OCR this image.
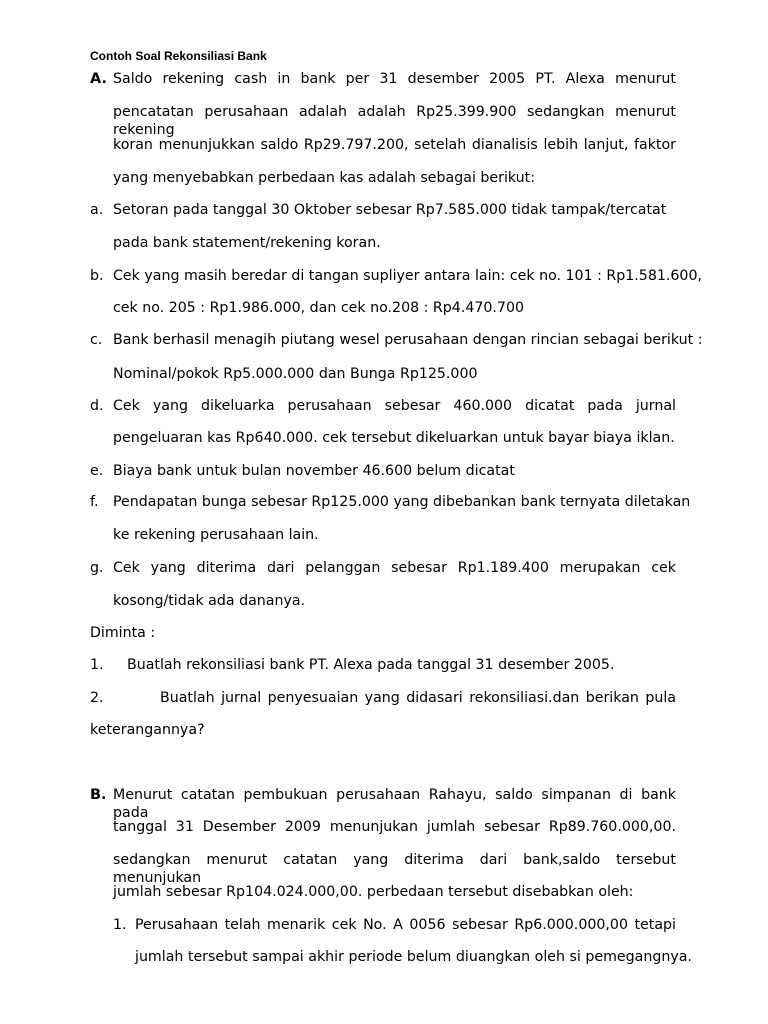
Contoh Soal Rekonsiliasi Bank
A. Saldo rekening cash in bank per 31 desember 2005 PT. Alexa menurut
pencatatan perusahaan adalah adalah Rp25.399.900 sedangkan menurut rekening
koran menunjukkan saldo Rp29.797.200, setelah dianalisis lebih lanjut, faktor
yang menyebabkan perbedaan kas adalah sebagai berikut:
a. Setoran pada tanggal 30 Oktober sebesar Rp7.585.000 tidak tampak/tercatat
pada bank statement/rekening koran.
b. Cek yang masih beredar di tangan supliyer antara lain: cek no. 101 : Rp1.581.600,
cek no. 205 : Rp1.986.000, dan cek no.208 : Rp4.470.700
c. Bank berhasil menagih piutang wesel perusahaan dengan rincian sebagai berikut :
Nominal/pokok Rp5.000.000 dan Bunga Rp125.000
d. Cek yang dikeluarka perusahaan sebesar 460.000 dicatat pada jurnal
pengeluaran kas Rp640.000. cek tersebut dikeluarkan untuk bayar biaya iklan.
e. Biaya bank untuk bulan november 46.600 belum dicatat
f. Pendapatan bunga sebesar Rp125.000 yang dibebankan bank ternyata diletakan
ke rekening perusahaan lain.
g. Cek yang diterima dari pelanggan sebesar Rp1.189.400 merupakan cek
kosong/tidak ada dananya.
Diminta :
1. Buatlah rekonsiliasi bank PT. Alexa pada tanggal 31 desember 2005.
2.	Buatlah jurnal penyesuaian yang didasari rekonsiliasi.dan berikan pula
keterangannya?
B. Menurut catatan pembukuan perusahaan Rahayu, saldo simpanan di bank pada
tanggal 31 Desember 2009 menunjukan jumlah sebesar Rp89.760.000,00.
sedangkan menurut catatan yang diterima dari bank,saldo tersebut menunjukan
jumlah sebesar Rp104.024.000,00. perbedaan tersebut disebabkan oleh:
1. Perusahaan telah menarik cek No. A 0056 sebesar Rp6.000.000,00 tetapi
jumlah tersebut sampai akhir periode belum diuangkan oleh si pemegangnya.
